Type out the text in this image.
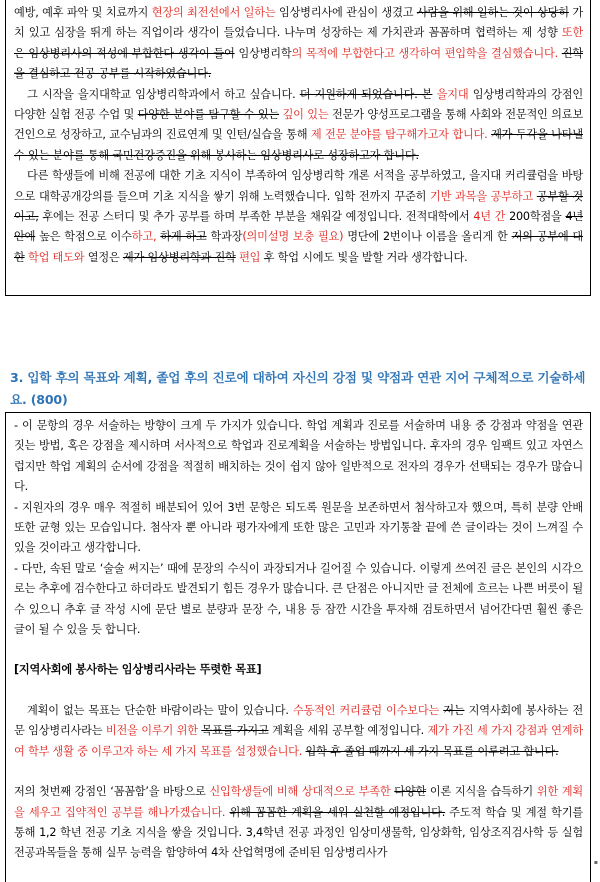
예방, 예후 파악 및 치료까지 현장의 최전선에서 일하는 임상병리사에 관심이 생겼고 사람을 위해 일하는 것이 상당히 가치 있고 심장을 뛰게 하는 직업이라 생각이 들었습니다. 나누며 성장하는 제 가치관과 꼼꼼하며 협력하는 제 성향 또한 은 임상병리사의 적성에 부합한다 생각이 들어 임상병리학의 목적에 부합한다고 생각하여 편입학을 결심했습니다. 진학을 결심하고 전공 공부를 시작하였습니다.

그 시작을 을지대학교 임상병리학과에서 하고 싶습니다. 더 지원하게 되었습니다. 본 을지대 임상병리학과의 강점인 다양한 실험 전공 수업 및 다양한 분야를 탐구할 수 있는 깊이 있는 전문가 양성프로그램을 통해 사회와 전문적인 의료보건인으로 성장하고, 교수님과의 진료연계 및 인턴/실습을 통해 제 전문 분야를 탐구해가고자 합니다. 제가 두각을 나타낼 수 있는 분야를 통해 국민건강증진을 위해 봉사하는 임상병리사로 성장하고자 합니다.

다른 학생들에 비해 전공에 대한 기초 지식이 부족하여 임상병리학 개론 서적을 공부하였고, 을지대 커리큘럼을 바탕으로 대학공개강의를 들으며 기초 지식을 쌓기 위해 노력했습니다. 입학 전까지 꾸준히 기반 과목을 공부하고 공부할 것이고, 후에는 전공 스터디 및 추가 공부를 하며 부족한 부분을 채워갈 예정입니다. 전적대학에서 4년 간 200학점을 4년 안에 높은 학점으로 이수하고, 하게 하고 학과장(의미설명 보충 필요) 명단에 2번이나 이름을 올리게 한 저의 공부에 대한 학업 태도와 열정은 제가 임상병리학과 진학 편입 후 학업 시에도 빛을 발할 거라 생각합니다.

3. 입학 후의 목표와 계획, 졸업 후의 진로에 대하여 자신의 강점 및 약점과 연관 지어 구체적으로 기술하세요. (800)

- 이 문항의 경우 서술하는 방향이 크게 두 가지가 있습니다. 학업 계획과 진로를 서술하며 내용 중 강점과 약점을 연관 짓는 방법, 혹은 강점을 제시하며 서사적으로 학업과 진로계획을 서술하는 방법입니다. 후자의 경우 임팩트 있고 자연스럽지만 학업 계획의 순서에 강점을 적절히 배치하는 것이 쉽지 않아 일반적으로 전자의 경우가 선택되는 경우가 많습니다.

- 지원자의 경우 매우 적절히 배분되어 있어 3번 문항은 되도록 원문을 보존하면서 첨삭하고자 했으며, 특히 분량 안배 또한 균형 있는 모습입니다. 첨삭자 뿐 아니라 평가자에게 또한 많은 고민과 자기통찰 끝에 쓴 글이라는 것이 느껴질 수 있을 것이라고 생각합니다.

- 다만, 속된 말로 ‘술술 써지는’ 때에 문장의 수식이 과장되거나 길어질 수 있습니다. 이렇게 쓰여진 글은 본인의 시각으로는 추후에 검수한다고 하더라도 발견되기 힘든 경우가 많습니다. 큰 단점은 아니지만 글 전체에 흐르는 나쁜 버릇이 될 수 있으니 추후 글 작성 시에 문단 별로 분량과 문장 수, 내용 등 잠깐 시간을 투자해 검토하면서 넘어간다면 훨씬 좋은 글이 될 수 있을 듯 합니다.

[지역사회에 봉사하는 임상병리사라는 뚜렷한 목표]

계획이 없는 목표는 단순한 바람이라는 말이 있습니다. 수동적인 커리큘럼 이수보다는 저는 지역사회에 봉사하는 전문 임상병리사라는 비전을 이루기 위한 목표를 가지고 계획을 세워 공부할 예정입니다. 제가 가진 세 가지 강점과 연계하여 학부 생활 중 이루고자 하는 세 가지 목표를 설정했습니다. 입학 후 졸업 때까지 세 가지 목표를 이루려고 합니다.

저의 첫번째 강점인 ‘꼼꼼함’을 바탕으로 신입학생들에 비해 상대적으로 부족한 다양한 이론 지식을 습득하기 위한 계획을 세우고 집약적인 공부를 해나가겠습니다. 위해 꼼꼼한 계획을 세워 실천할 예정입니다. 주도적 학습 및 계절 학기를 통해 1,2 학년 전공 기초 지식을 쌓을 것입니다. 3,4학년 전공 과정인 임상미생물학, 임상화학, 임상조직검사학 등 실험 전공과목들을 통해 실무 능력을 함양하여 4차 산업혁명에 준비된 임상병리사가

▪
